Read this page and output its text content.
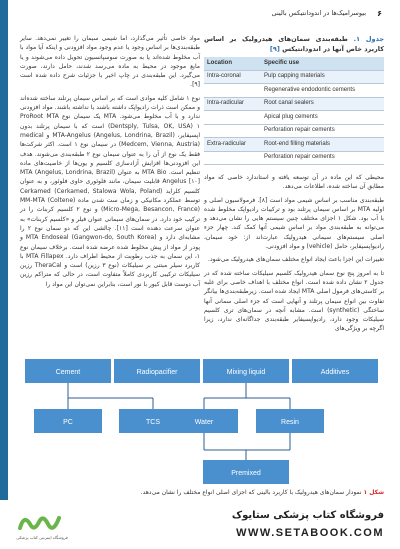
۶
بیوسرامیک‌ها در اندودانتیکس بالینی
جدول ۱. طبقه‌بندی سمان‌های هیدرولیک بر اساس کاربرد خاص آنها در اندودانتیکس [۹]
Location	Specific use
Intra-coronal	Pulp capping materials
	Regenerative endodontic cements
Intra-radicular	Root canal sealers
	Apical plug cements
	Perforation repair cements
Extra-radicular	Root-end filling materials
	Perforation repair cements

محیطی که این ماده در آن توسعه یافته و استاندارد خاصی که مواد مطابق آن ساخته شده، اطلاعات می‌دهد.

طبقه‌بندی مناسب بر اساس شیمی مواد است [۸]. فرمولاسیون اصلی و اولیه MTA بر اساس سیمان پرتلند بود و ترکیبات رادیواپک مخلوط شده با آب بود. شکل ۱ اجزای مختلف چنین سیستم هایی را نشان می‌دهد و می‌توانه به طبقه‌بندی مواد بر اساس شیمی آنها کمک کند. چهار جزء اصلی سیستم‌های سیمانی هیدرولیک عبارت‌اند از: خود سیمان، رادیواپسیفایر، حامل (vehicle) و مواد افزودنی.

تغییرات این اجزا باعث ایجاد انواع مختلف سمان‌های هیدرولیک می‌شود.

تا به امروز پنج نوع سمان هیدرولیک کلسیم سیلیکات ساخته شده که در جدول ۲ نشان داده شده است. انواع مختلف با اهداف خاصی برای غلبه بر کاستی‌های فرمول اصلی MTA ایجاد شده است. زیرطبقه‌بندی‌ها بیانگر تفاوت بین انواع سیمان پرتلند و آنهایی است که جزء اصلی سمانی آنها ساختگی (synthetic) است. مشابه آنچه در سمان‌های تری کلسیم سیلیکات وجود دارد، رادیواپسیفایر طبقه‌بندی جداگانه‌ای ندارد، زیرا اگرچه بر ویژگی‌های

مواد خاصی تأثیر می‌گذارد، اما شیمی سیمان را تغییر نمی‌دهد. سایر طبقه‌بندی‌ها بر اساس وجود یا عدم وجود مواد افزودنی و اینکه آیا مواد با آب مخلوط شده‌اند یا به صورت سوسپانسیون تحویل داده می‌شوند و یا مایع موجود در محیط به ماده می‌رسد شدند، حامل دارند، صورت می‌گیرد. این طبقه‌بندی در چاپ اخیر با جزئیات شرح داده شده است [۹].

نوع ۱ شامل کلیه موادی است که بر اساس سیمان پرتلند ساخته شده‌اند و ممکن است ذرات رادیواپک داشته باشند یا نداشته باشند. مواد افزودنی ندارد و با آب مخلوط می‌شود. MTA یک سیمان نوع ProRoot MTA (Dentsply, Tulsa, OK, USA) ۱ است که با سیمان پرتلند بدون اپسیفایر، MTA-Angelus (Angelus, Londrina, Brazil) و medical (Medcem, Vienna, Austria) در سیمان نوع ۱ است. اکثر شرکت‌ها فقط یک نوع از آن را به عنوان سیمان نوع ۲ طبقه‌بندی می‌شوند. هدف این افزودنی‌ها افزایش آزادسازی کلسیم و یون‌ها از خاصیت‌های ماده تنظیم است. MTA Bio به عنوان (Angelus, Londrina, Brazil) MTA Angelus [۱۰] قابلیت سیمان، مانند فلوئوری حاوی فلوئور، و به عنوان کلسیم کلراید (Cerkamed, Stalowa Wola, Poland) Cerkamed توسط عملکرد مکانیکی و زمان ست شدن ماده (Coltene) MM-MTA (Micro-Mega, Besancon, France) و نوع ۲ کلسیم کربنات را در ترکیب خود دارد. در سمان‌های سیمانی عنوان فیلر و «کلسیم کربنات» به عنوان سرعت دهنده است [۱۱]. چالشی این که دو سمان نوع ۲ را مشابه‌ای دارد و MTA Endoseal (Gangwon-do, South Korea) و پودر از مواد از پیش مخلوط شده عرضه شده است. برخلاف سیمان نوع ۱، این سمان به جذب رطوبت از محیط اطراف دارد. MTA Fillapex با کاربرد سیلر مبتنی بر سیلیکات (نوع ۳ رزین) است و TheraCal رزین سیلیکات ترکیبی کاربردی کاملاً متفاوت است، در حالی که متراکم رزین آب دوست قابل کیور با نور است، بنابراین نمی‌توان این مواد را

Cement	Radiopacifier	Mixing liquid	Additives
PC	TCS	Water	Resin
Premixed
شکل ۱ نمودار سمان‌های هیدرولیک با کاربرد بالینی که اجزای اصلی انواع مختلف را نشان می‌دهد.
فروشگاه اینترنتی کتاب پزشکی
فروشگاه کتاب پزشکی ستایوک
WWW.SETABOOK.COM
